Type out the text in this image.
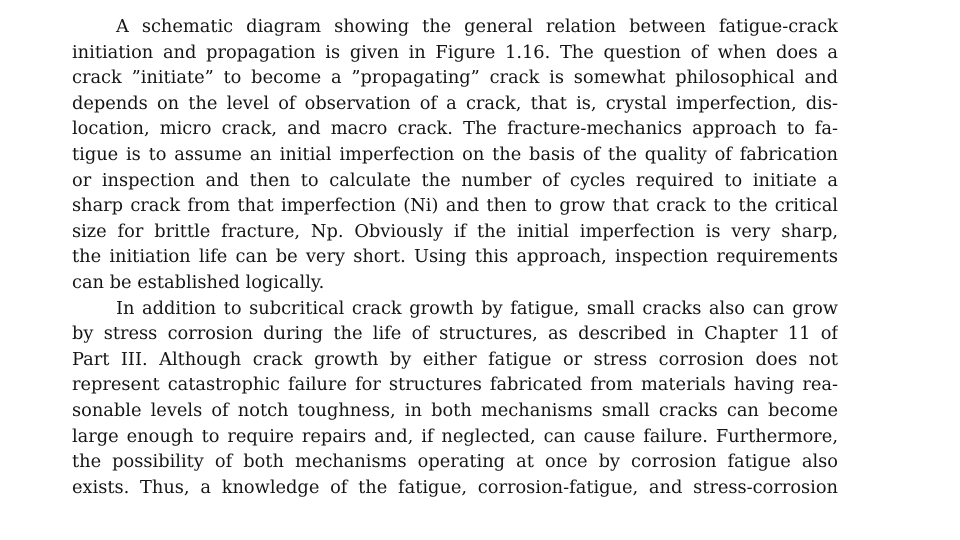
A schematic diagram showing the general relation between fatigue-crack
initiation and propagation is given in Figure 1.16. The question of when does a
crack ”initiate” to become a ”propagating” crack is somewhat philosophical and
depends on the level of observation of a crack, that is, crystal imperfection, dis-
location, micro crack, and macro crack. The fracture-mechanics approach to fa-
tigue is to assume an initial imperfection on the basis of the quality of fabrication
or inspection and then to calculate the number of cycles required to initiate a
sharp crack from that imperfection (Ni) and then to grow that crack to the critical
size for brittle fracture, Np. Obviously if the initial imperfection is very sharp,
the initiation life can be very short. Using this approach, inspection requirements
can be established logically.
In addition to subcritical crack growth by fatigue, small cracks also can grow
by stress corrosion during the life of structures, as described in Chapter 11 of
Part III. Although crack growth by either fatigue or stress corrosion does not
represent catastrophic failure for structures fabricated from materials having rea-
sonable levels of notch toughness, in both mechanisms small cracks can become
large enough to require repairs and, if neglected, can cause failure. Furthermore,
the possibility of both mechanisms operating at once by corrosion fatigue also
exists. Thus, a knowledge of the fatigue, corrosion-fatigue, and stress-corrosion
